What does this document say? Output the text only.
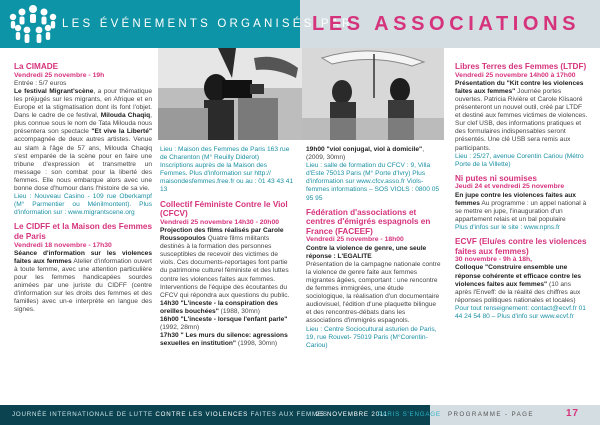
LES ÉVÉNEMENTS ORGANISÉS PAR
LES ASSOCIATIONS
La CIMADE
Vendredi 25 novembre - 19h
Entrée : 5/7 euros
Le festival Migrant'scène, a pour thématique les préjugés sur les migrants, en Afrique et en Europe et la stigmatisation dont ils font l'objet. Dans le cadre de ce festival, Milouda Chaqiq, plus connue sous le nom de Tata Milouda nous présentera son spectacle "Et vive la Liberté" accompagnée de deux autres artistes. Venue au slam à l'âge de 57 ans, Milouda Chaqiq s'est emparée de la scène pour en faire une tribune d'expression et transmettre un message : son combat pour la liberté des femmes. Elle nous embarque alors avec une bonne dose d'humour dans l'histoire de sa vie.
Lieu : Nouveau Casino - 109 rue Oberkampf (M° Parmentier ou Ménilmontent). Plus d'information sur : www.migrantscene.org
Le CIDFF et la Maison des Femmes de Paris
Vendredi 18 novembre - 17h30
Séance d'information sur les violences faites aux femmes Atelier d'information ouvert à toute femme, avec une attention particulière pour les femmes handicapées sourdes animées par une juriste du CIDFF (centre d'information sur les droits des femmes et des familles) avec un-e interprète en langue des signes.
Lieu : Maison des Femmes de Paris 163 rue de Charenton (M° Reuilly Diderot) Inscriptions auprès de la Maison des Femmes. Plus d'information sur http:// maisondesfemmes.free.fr ou au : 01 43 43 41 13
Collectif Féministe Contre le Viol (CFCV)
Vendredi 25 novembre 14h30 - 20h00
Projection des films réalisés par Carole Roussopoulos Quatre films militants destinés à la formation des personnes susceptibles de recevoir des victimes de viols. Ces documents-reportages font partie du patrimoine culturel féministe et des luttes contre les violences faites aux femmes. Interventions de l'équipe des écoutantes du CFCV qui répondra aux questions du public.
14h30 "L'inceste - la conspiration des oreilles bouchées" (1988, 30mn)
16h00 "L'inceste - lorsque l'enfant parle" (1992, 28mn)
17h30 " Les murs du silence: agressions sexuelles en institution" (1998, 30mn)
19h00 "viol conjugal, viol à domicile", (2009, 30mn)
Lieu : salle de formation du CFCV : 9, Villa d'Este 75013 Paris (M° Porte d'Ivry) Plus d'information sur www.cfcv.asso.fr Viols-femmes informations – SOS VIOLS : 0800 05 95 95
Fédération d'associations et centres d'émigrés espagnols en France (FACEEF)
Vendredi 25 novembre - 18h00
Contre la violence de genre, une seule réponse : L'EGALITE
Présentation de la campagne nationale contre la violence de genre faite aux femmes migrantes âgées, comportant : une rencontre de femmes immigrées, une étude sociologique, la réalisation d'un documentaire audiovisuel, l'édition d'une plaquette bilingue et des rencontres-débats dans les associations d'immigrés espagnols.
Lieu : Centre Sociocultural asturien de Paris, 19, rue Rouvet- 75019 Paris (M°Corentin-Cariou)
Libres Terres des Femmes (LTDF)
Vendredi 25 novembre 14h00 à 17h00
Présentation du "Kit contre les violences faites aux femmes" Journée portes ouvertes. Patricia Rivière et Carole Klisaoré présenteront un nouvel outil, créé par LTDF et destiné aux femmes victimes de violences. Sur clef USB, des informations pratiques et des formulaires indispensables seront présentés. Une clé USB sera remis aux participants.
Lieu : 25/27, avenue Corentin Cariou (Métro Porte de la Villette)
Ni putes ni soumises
Jeudi 24 et vendredi 25 novembre
En jupe contre les violences faites aux femmes Au programme : un appel national à se mettre en jupe, l'inauguration d'un appartement relais et un bal populaire
Plus d'infos sur le site : www.npns.fr
ECVF (Elu/es contre les violences faites aux femmes)
30 novembre - 9h à 18h,
Colloque "Construire ensemble une réponse cohérente et efficace contre les violences faites aux femmes" (10 ans après l'Enveff: de la réalité des chiffres aux réponses politiques nationales et locales)
Pour tout renseignement: contact@ecvf.fr 01 44 24 54 80 – Plus d'info sur www.ecvf.fr
JOURNÉE INTERNATIONALE DE LUTTE CONTRE LES VIOLENCES FAITES AUX FEMMES
25 NOVEMBRE 2011
PARIS S'ENGAGE PROGRAMME - PAGE	17
